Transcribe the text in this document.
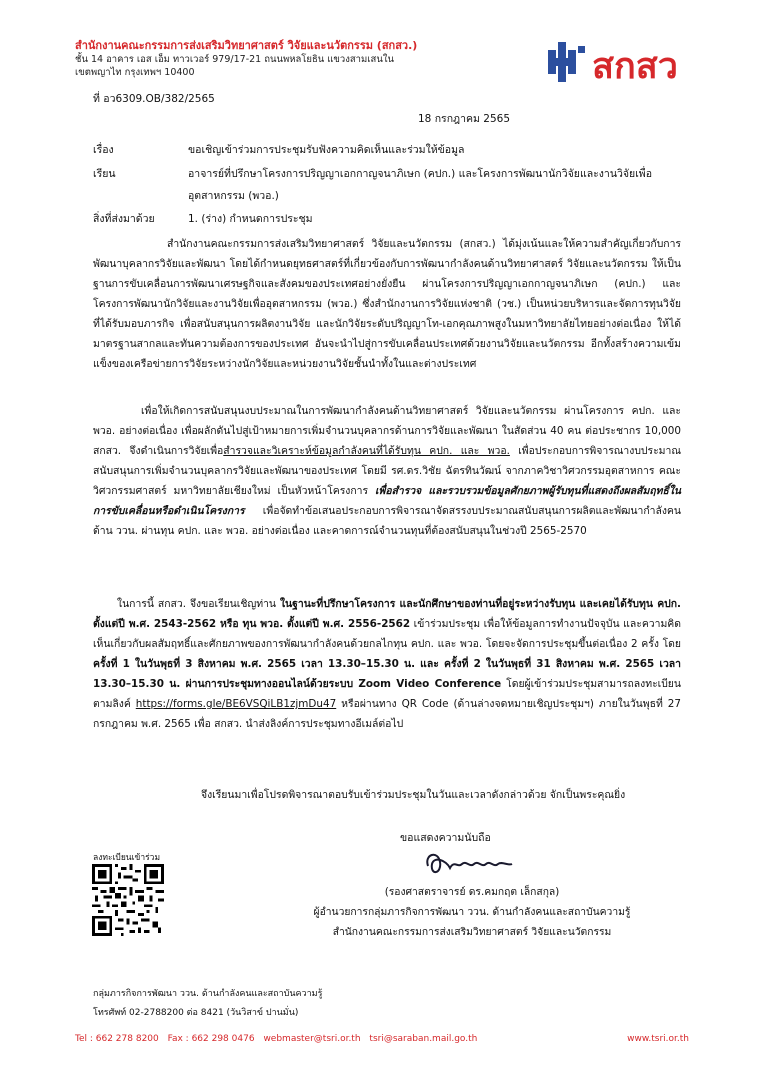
สำนักงานคณะกรรมการส่งเสริมวิทยาศาสตร์ วิจัยและนวัตกรรม (สกสว.)
ชั้น 14 อาคาร เอส เอ็ม ทาวเวอร์ 979/17-21 ถนนพหลโยธิน แขวงสามเสนใน
เขตพญาไท กรุงเทพฯ 10400	สกสว
ที่ อว6309.OB/382/2565
18 กรกฎาคม 2565
เรื่อง	ขอเชิญเข้าร่วมการประชุมรับฟังความคิดเห็นและร่วมให้ข้อมูล
เรียน	อาจารย์ที่ปรึกษาโครงการปริญญาเอกกาญจนาภิเษก (คปก.) และโครงการพัฒนานักวิจัยและงานวิจัยเพื่อ
อุตสาหกรรม (พวอ.)
สิ่งที่ส่งมาด้วย	1. (ร่าง) กำหนดการประชุม

สำนักงานคณะกรรมการส่งเสริมวิทยาศาสตร์ วิจัยและนวัตกรรม (สกสว.) ได้มุ่งเน้นและให้ความสำคัญเกี่ยวกับการพัฒนาบุคลากรวิจัยและพัฒนา โดยได้กำหนดยุทธศาสตร์ที่เกี่ยวข้องกับการพัฒนากำลังคนด้านวิทยาศาสตร์ วิจัยและนวัตกรรม ให้เป็นฐานการขับเคลื่อนการพัฒนาเศรษฐกิจและสังคมของประเทศอย่างยั่งยืน ผ่านโครงการปริญญาเอกกาญจนาภิเษก (คปก.) และโครงการพัฒนานักวิจัยและงานวิจัยเพื่ออุตสาหกรรม (พวอ.) ซึ่งสำนักงานการวิจัยแห่งชาติ (วช.) เป็นหน่วยบริหารและจัดการทุนวิจัยที่ได้รับมอบภารกิจ เพื่อสนับสนุนการผลิตงานวิจัย และนักวิจัยระดับปริญญาโท-เอกคุณภาพสูงในมหาวิทยาลัยไทยอย่างต่อเนื่อง ให้ได้มาตรฐานสากลและทันความต้องการของประเทศ อันจะนำไปสู่การขับเคลื่อนประเทศด้วยงานวิจัยและนวัตกรรม อีกทั้งสร้างความเข้มแข็งของเครือข่ายการวิจัยระหว่างนักวิจัยและหน่วยงานวิจัยชั้นนำทั้งในและต่างประเทศ

เพื่อให้เกิดการสนับสนุนงบประมาณในการพัฒนากำลังคนด้านวิทยาศาสตร์ วิจัยและนวัตกรรม ผ่านโครงการ คปก. และ พวอ. อย่างต่อเนื่อง เพื่อผลักดันไปสู่เป้าหมายการเพิ่มจำนวนบุคลากรด้านการวิจัยและพัฒนา ในสัดส่วน 40 คน ต่อประชากร 10,000 สกสว. จึงดำเนินการวิจัยเพื่อสำรวจและวิเคราะห์ข้อมูลกำลังคนที่ได้รับทุน คปก. และ พวอ. เพื่อประกอบการพิจารณางบประมาณสนับสนุนการเพิ่มจำนวนบุคลากรวิจัยและพัฒนาของประเทศ โดยมี รศ.ดร.วิชัย ฉัตรทินวัฒน์ จากภาควิชาวิศวกรรมอุตสาหการ คณะวิศวกรรมศาสตร์ มหาวิทยาลัยเชียงใหม่ เป็นหัวหน้าโครงการ เพื่อสำรวจ และรวบรวมข้อมูลศักยภาพผู้รับทุนที่แสดงถึงผลสัมฤทธิ์ในการขับเคลื่อนหรือดำเนินโครงการ เพื่อจัดทำข้อเสนอประกอบการพิจารณาจัดสรรงบประมาณสนับสนุนการผลิตและพัฒนากำลังคนด้าน ววน. ผ่านทุน คปก. และ พวอ. อย่างต่อเนื่อง และคาดการณ์จำนวนทุนที่ต้องสนับสนุนในช่วงปี 2565-2570

ในการนี้ สกสว. จึงขอเรียนเชิญท่าน ในฐานะที่ปรึกษาโครงการ และนักศึกษาของท่านที่อยู่ระหว่างรับทุน และเคยได้รับทุน คปก. ตั้งแต่ปี พ.ศ. 2543-2562 หรือ ทุน พวอ. ตั้งแต่ปี พ.ศ. 2556-2562 เข้าร่วมประชุม เพื่อให้ข้อมูลการทำงานปัจจุบัน และความคิดเห็นเกี่ยวกับผลสัมฤทธิ์และศักยภาพของการพัฒนากำลังคนด้วยกลไกทุน คปก. และ พวอ. โดยจะจัดการประชุมขึ้นต่อเนื่อง 2 ครั้ง โดยครั้งที่ 1 ในวันพุธที่ 3 สิงหาคม พ.ศ. 2565 เวลา 13.30–15.30 น. และ ครั้งที่ 2 ในวันพุธที่ 31 สิงหาคม พ.ศ. 2565 เวลา 13.30–15.30 น. ผ่านการประชุมทางออนไลน์ด้วยระบบ Zoom Video Conference โดยผู้เข้าร่วมประชุมสามารถลงทะเบียนตามลิงค์ https://forms.gle/BE6VSQiLB1zjmDu47 หรือผ่านทาง QR Code (ด้านล่างจดหมายเชิญประชุมฯ) ภายในวันพุธที่ 27 กรกฎาคม พ.ศ. 2565 เพื่อ สกสว. นำส่งลิงค์การประชุมทางอีเมล์ต่อไป

จึงเรียนมาเพื่อโปรดพิจารณาตอบรับเข้าร่วมประชุมในวันและเวลาดังกล่าวด้วย จักเป็นพระคุณยิ่ง

ขอแสดงความนับถือ
(รองศาสตราจารย์ ดร.คมกฤต เล็กสกุล)
ผู้อำนวยการกลุ่มภารกิจการพัฒนา ววน. ด้านกำลังคนและสถาบันความรู้
สำนักงานคณะกรรมการส่งเสริมวิทยาศาสตร์ วิจัยและนวัตกรรม
ลงทะเบียนเข้าร่วม
กลุ่มภารกิจการพัฒนา ววน. ด้านกำลังคนและสถาบันความรู้
โทรศัพท์ 02-2788200 ต่อ 8421 (วันวิสาข์ ปานมั่น)
Tel : 662 278 8200 Fax : 662 298 0476 webmaster@tsri.or.th tsri@saraban.mail.go.th	www.tsri.or.th
